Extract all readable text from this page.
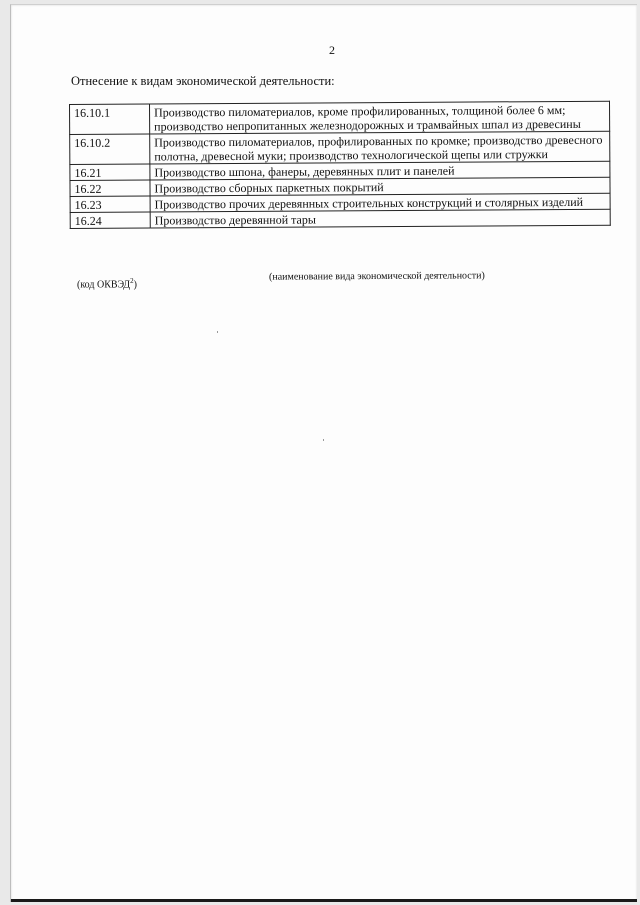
2
Отнесение к видам экономической деятельности:
16.10.1	Производство пиломатериалов, кроме профилированных, толщиной более 6 мм; производство непропитанных железнодорожных и трамвайных шпал из древесины
16.10.2	Производство пиломатериалов, профилированных по кромке; производство древесного полотна, древесной муки; производство технологической щепы или стружки
16.21	Производство шпона, фанеры, деревянных плит и панелей
16.22	Производство сборных паркетных покрытий
16.23	Производство прочих деревянных строительных конструкций и столярных изделий
16.24	Производство деревянной тары
(код ОКВЭД$^2$)
(наименование вида экономической деятельности)
